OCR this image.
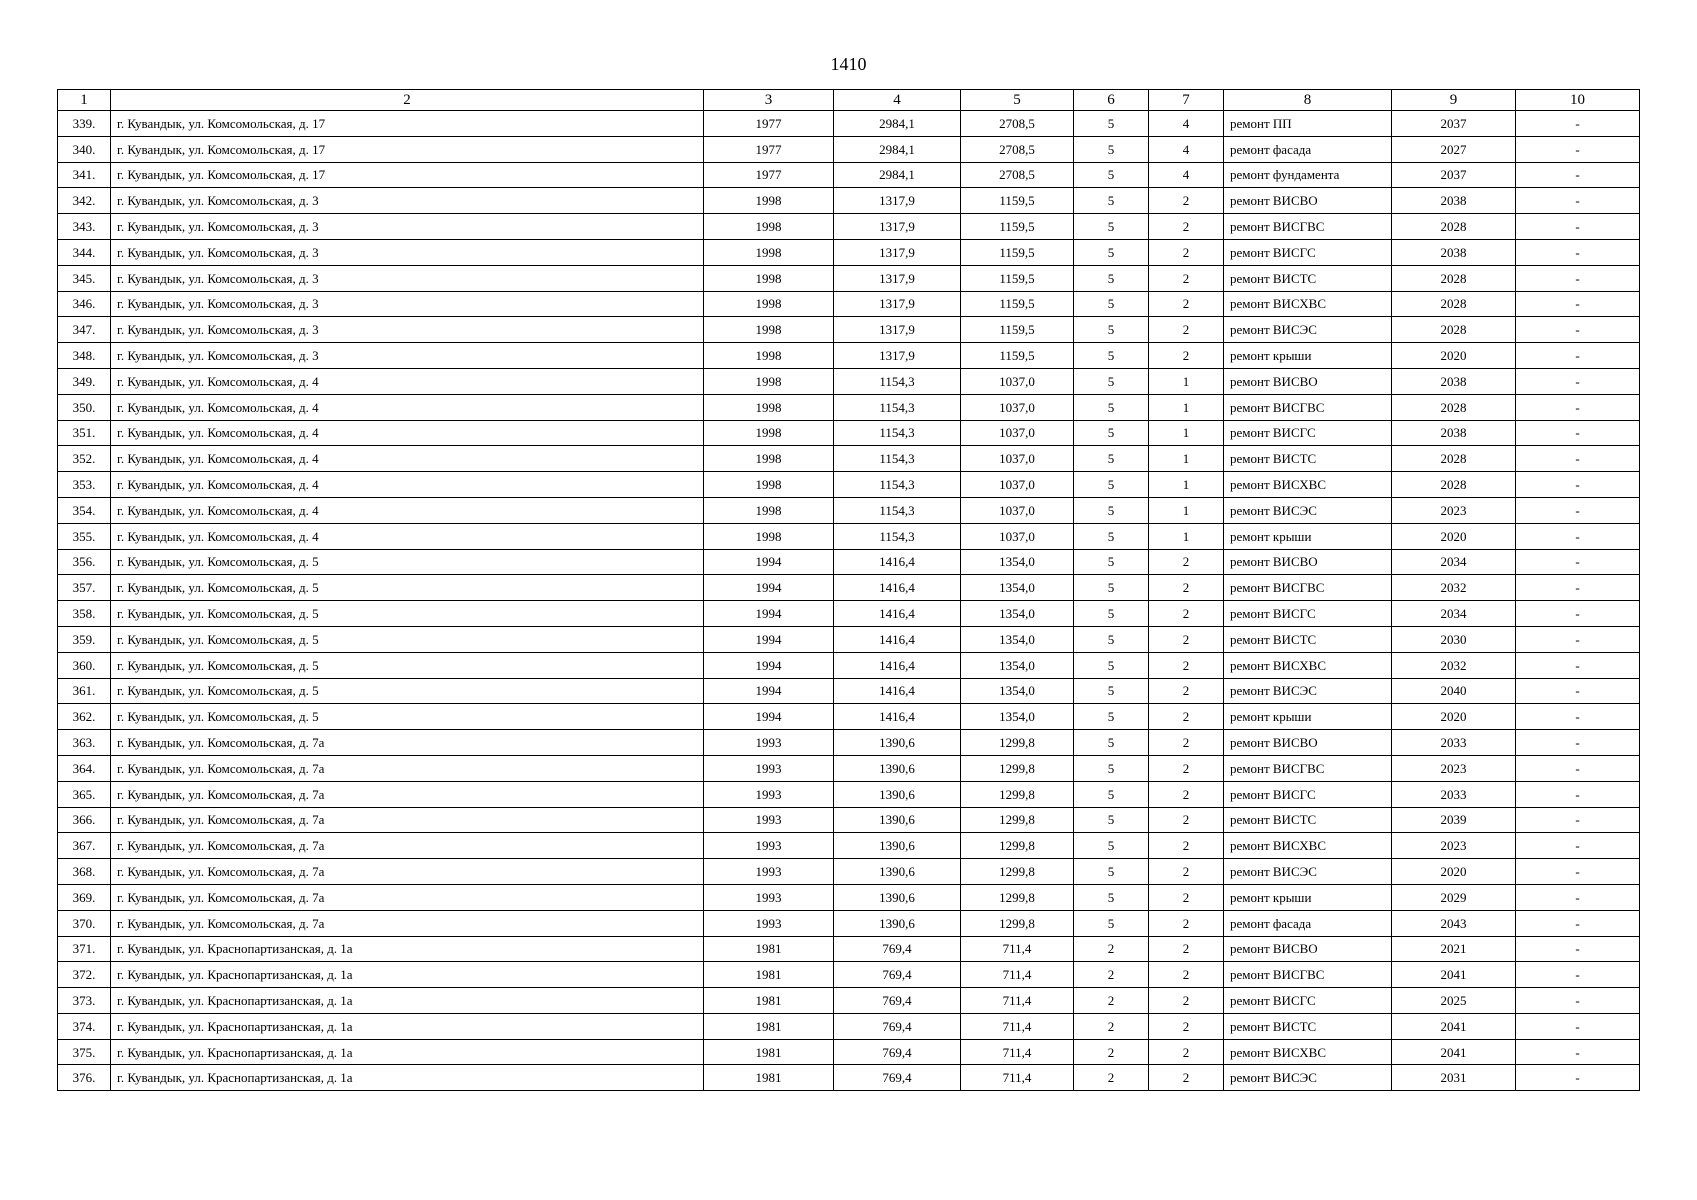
1410
1	2	3	4	5	6	7	8	9	10
339.	г. Кувандык, ул. Комсомольская, д. 17	1977	2984,1	2708,5	5	4	ремонт ПП	2037	-
340.	г. Кувандык, ул. Комсомольская, д. 17	1977	2984,1	2708,5	5	4	ремонт фасада	2027	-
341.	г. Кувандык, ул. Комсомольская, д. 17	1977	2984,1	2708,5	5	4	ремонт фундамента	2037	-
342.	г. Кувандык, ул. Комсомольская, д. 3	1998	1317,9	1159,5	5	2	ремонт ВИСВО	2038	-
343.	г. Кувандык, ул. Комсомольская, д. 3	1998	1317,9	1159,5	5	2	ремонт ВИСГВС	2028	-
344.	г. Кувандык, ул. Комсомольская, д. 3	1998	1317,9	1159,5	5	2	ремонт ВИСГС	2038	-
345.	г. Кувандык, ул. Комсомольская, д. 3	1998	1317,9	1159,5	5	2	ремонт ВИСТС	2028	-
346.	г. Кувандык, ул. Комсомольская, д. 3	1998	1317,9	1159,5	5	2	ремонт ВИСХВС	2028	-
347.	г. Кувандык, ул. Комсомольская, д. 3	1998	1317,9	1159,5	5	2	ремонт ВИСЭС	2028	-
348.	г. Кувандык, ул. Комсомольская, д. 3	1998	1317,9	1159,5	5	2	ремонт крыши	2020	-
349.	г. Кувандык, ул. Комсомольская, д. 4	1998	1154,3	1037,0	5	1	ремонт ВИСВО	2038	-
350.	г. Кувандык, ул. Комсомольская, д. 4	1998	1154,3	1037,0	5	1	ремонт ВИСГВС	2028	-
351.	г. Кувандык, ул. Комсомольская, д. 4	1998	1154,3	1037,0	5	1	ремонт ВИСГС	2038	-
352.	г. Кувандык, ул. Комсомольская, д. 4	1998	1154,3	1037,0	5	1	ремонт ВИСТС	2028	-
353.	г. Кувандык, ул. Комсомольская, д. 4	1998	1154,3	1037,0	5	1	ремонт ВИСХВС	2028	-
354.	г. Кувандык, ул. Комсомольская, д. 4	1998	1154,3	1037,0	5	1	ремонт ВИСЭС	2023	-
355.	г. Кувандык, ул. Комсомольская, д. 4	1998	1154,3	1037,0	5	1	ремонт крыши	2020	-
356.	г. Кувандык, ул. Комсомольская, д. 5	1994	1416,4	1354,0	5	2	ремонт ВИСВО	2034	-
357.	г. Кувандык, ул. Комсомольская, д. 5	1994	1416,4	1354,0	5	2	ремонт ВИСГВС	2032	-
358.	г. Кувандык, ул. Комсомольская, д. 5	1994	1416,4	1354,0	5	2	ремонт ВИСГС	2034	-
359.	г. Кувандык, ул. Комсомольская, д. 5	1994	1416,4	1354,0	5	2	ремонт ВИСТС	2030	-
360.	г. Кувандык, ул. Комсомольская, д. 5	1994	1416,4	1354,0	5	2	ремонт ВИСХВС	2032	-
361.	г. Кувандык, ул. Комсомольская, д. 5	1994	1416,4	1354,0	5	2	ремонт ВИСЭС	2040	-
362.	г. Кувандык, ул. Комсомольская, д. 5	1994	1416,4	1354,0	5	2	ремонт крыши	2020	-
363.	г. Кувандык, ул. Комсомольская, д. 7а	1993	1390,6	1299,8	5	2	ремонт ВИСВО	2033	-
364.	г. Кувандык, ул. Комсомольская, д. 7а	1993	1390,6	1299,8	5	2	ремонт ВИСГВС	2023	-
365.	г. Кувандык, ул. Комсомольская, д. 7а	1993	1390,6	1299,8	5	2	ремонт ВИСГС	2033	-
366.	г. Кувандык, ул. Комсомольская, д. 7а	1993	1390,6	1299,8	5	2	ремонт ВИСТС	2039	-
367.	г. Кувандык, ул. Комсомольская, д. 7а	1993	1390,6	1299,8	5	2	ремонт ВИСХВС	2023	-
368.	г. Кувандык, ул. Комсомольская, д. 7а	1993	1390,6	1299,8	5	2	ремонт ВИСЭС	2020	-
369.	г. Кувандык, ул. Комсомольская, д. 7а	1993	1390,6	1299,8	5	2	ремонт крыши	2029	-
370.	г. Кувандык, ул. Комсомольская, д. 7а	1993	1390,6	1299,8	5	2	ремонт фасада	2043	-
371.	г. Кувандык, ул. Краснопартизанская, д. 1а	1981	769,4	711,4	2	2	ремонт ВИСВО	2021	-
372.	г. Кувандык, ул. Краснопартизанская, д. 1а	1981	769,4	711,4	2	2	ремонт ВИСГВС	2041	-
373.	г. Кувандык, ул. Краснопартизанская, д. 1а	1981	769,4	711,4	2	2	ремонт ВИСГС	2025	-
374.	г. Кувандык, ул. Краснопартизанская, д. 1а	1981	769,4	711,4	2	2	ремонт ВИСТС	2041	-
375.	г. Кувандык, ул. Краснопартизанская, д. 1а	1981	769,4	711,4	2	2	ремонт ВИСХВС	2041	-
376.	г. Кувандык, ул. Краснопартизанская, д. 1а	1981	769,4	711,4	2	2	ремонт ВИСЭС	2031	-
